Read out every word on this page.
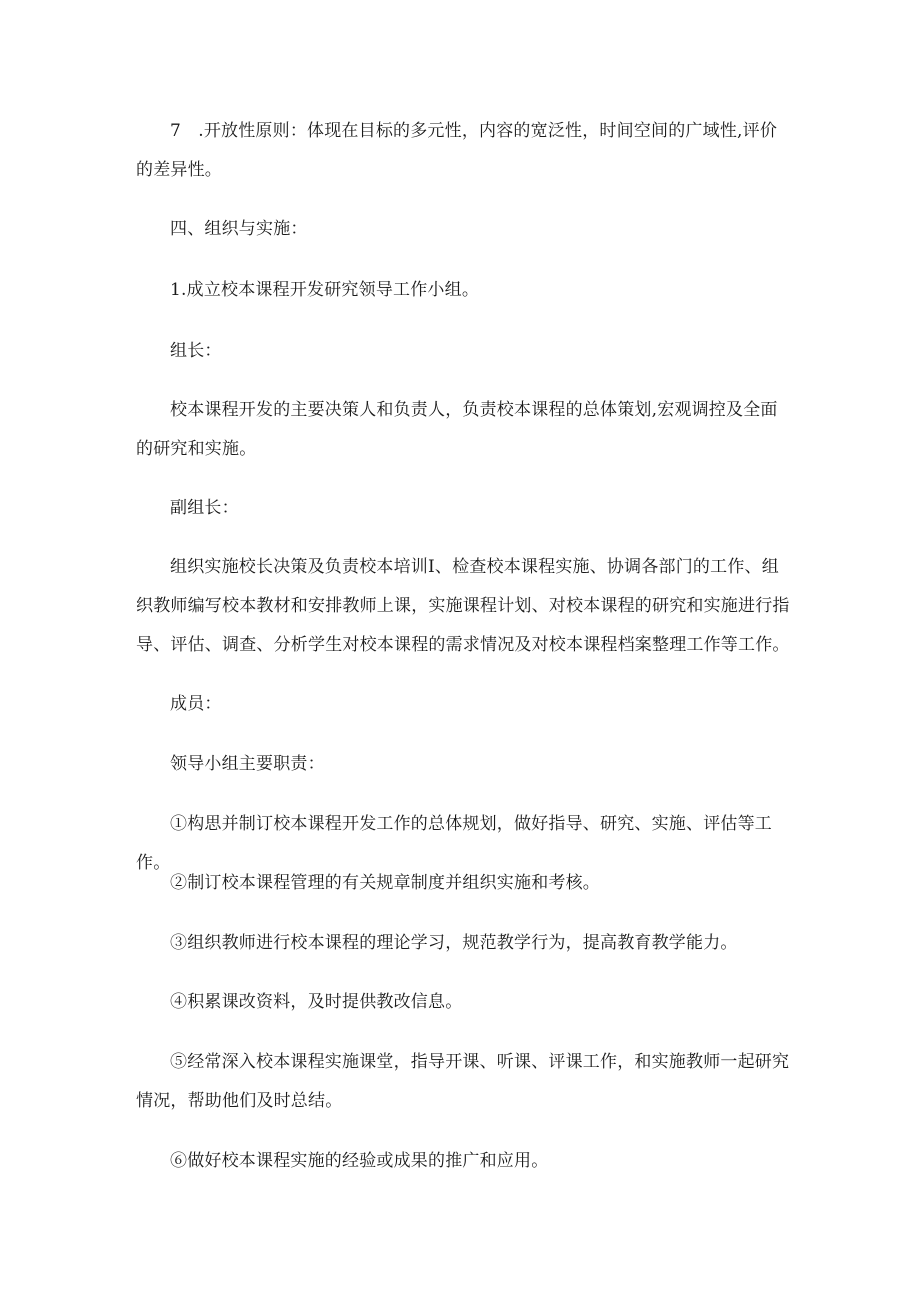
7　.开放性原则：体现在目标的多元性，内容的宽泛性，时间空间的广域性,评价的差异性。

四、组织与实施：

1.成立校本课程开发研究领导工作小组。

组长：

校本课程开发的主要决策人和负责人，负责校本课程的总体策划,宏观调控及全面的研究和实施。

副组长：

组织实施校长决策及负责校本培训I、检查校本课程实施、协调各部门的工作、组织教师编写校本教材和安排教师上课，实施课程计划、对校本课程的研究和实施进行指导、评估、调查、分析学生对校本课程的需求情况及对校本课程档案整理工作等工作。

成员：

领导小组主要职责：

①构思并制订校本课程开发工作的总体规划，做好指导、研究、实施、评估等工作。

②制订校本课程管理的有关规章制度并组织实施和考核。

③组织教师进行校本课程的理论学习，规范教学行为，提高教育教学能力。

④积累课改资料，及时提供教改信息。

⑤经常深入校本课程实施课堂，指导开课、听课、评课工作，和实施教师一起研究情况，帮助他们及时总结。

⑥做好校本课程实施的经验或成果的推广和应用。
